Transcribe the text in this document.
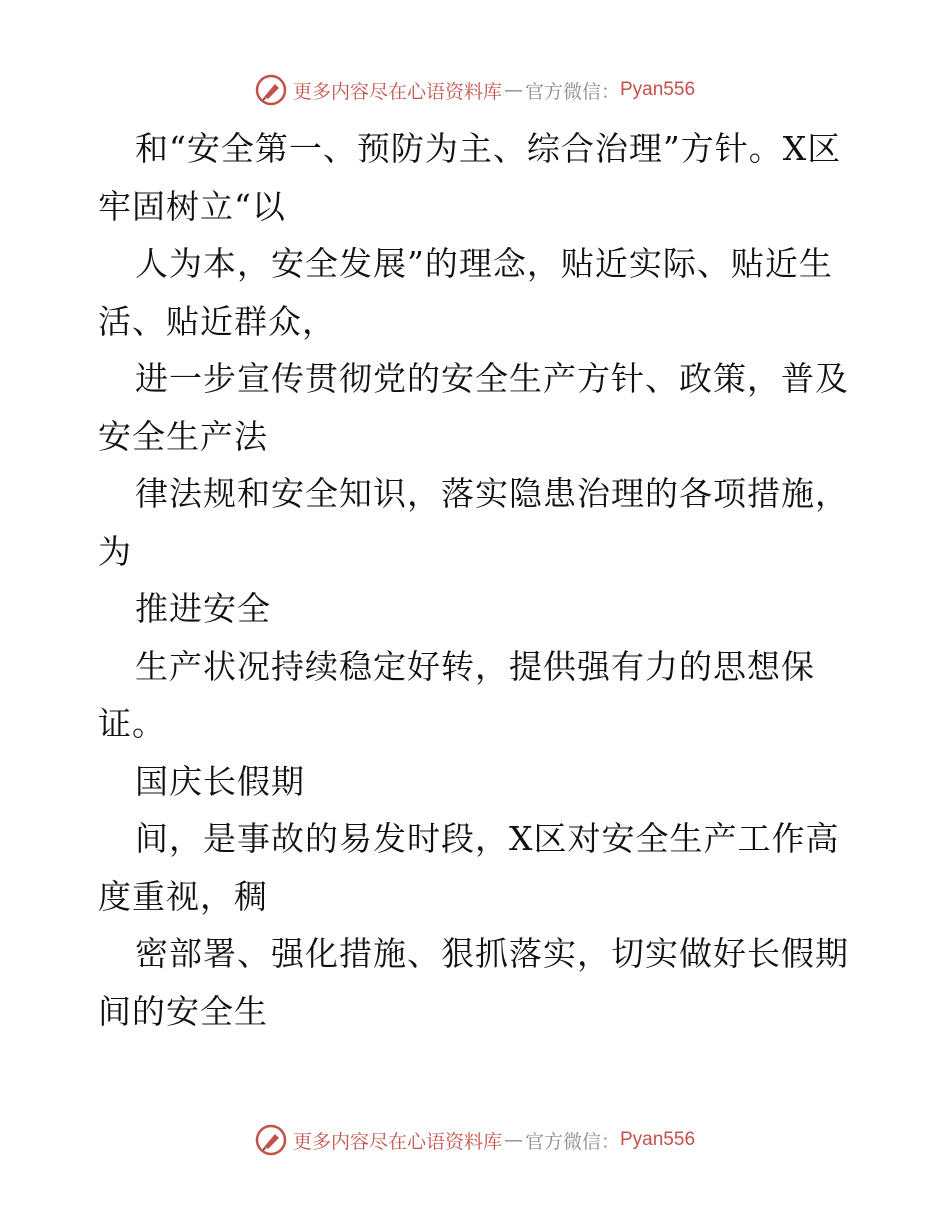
更多内容尽在心语资料库 — 官方微信： Pyan556

和“安全第一、预防为主、综合治理”方针。X区牢固树立“以

人为本，安全发展”的理念，贴近实际、贴近生活、贴近群众，

进一步宣传贯彻党的安全生产方针、政策，普及安全生产法

律法规和安全知识，落实隐患治理的各项措施，为

推进安全

生产状况持续稳定好转，提供强有力的思想保证。

国庆长假期

间，是事故的易发时段，X区对安全生产工作高度重视，稠

密部署、强化措施、狠抓落实，切实做好长假期间的安全生

更多内容尽在心语资料库 — 官方微信： Pyan556
